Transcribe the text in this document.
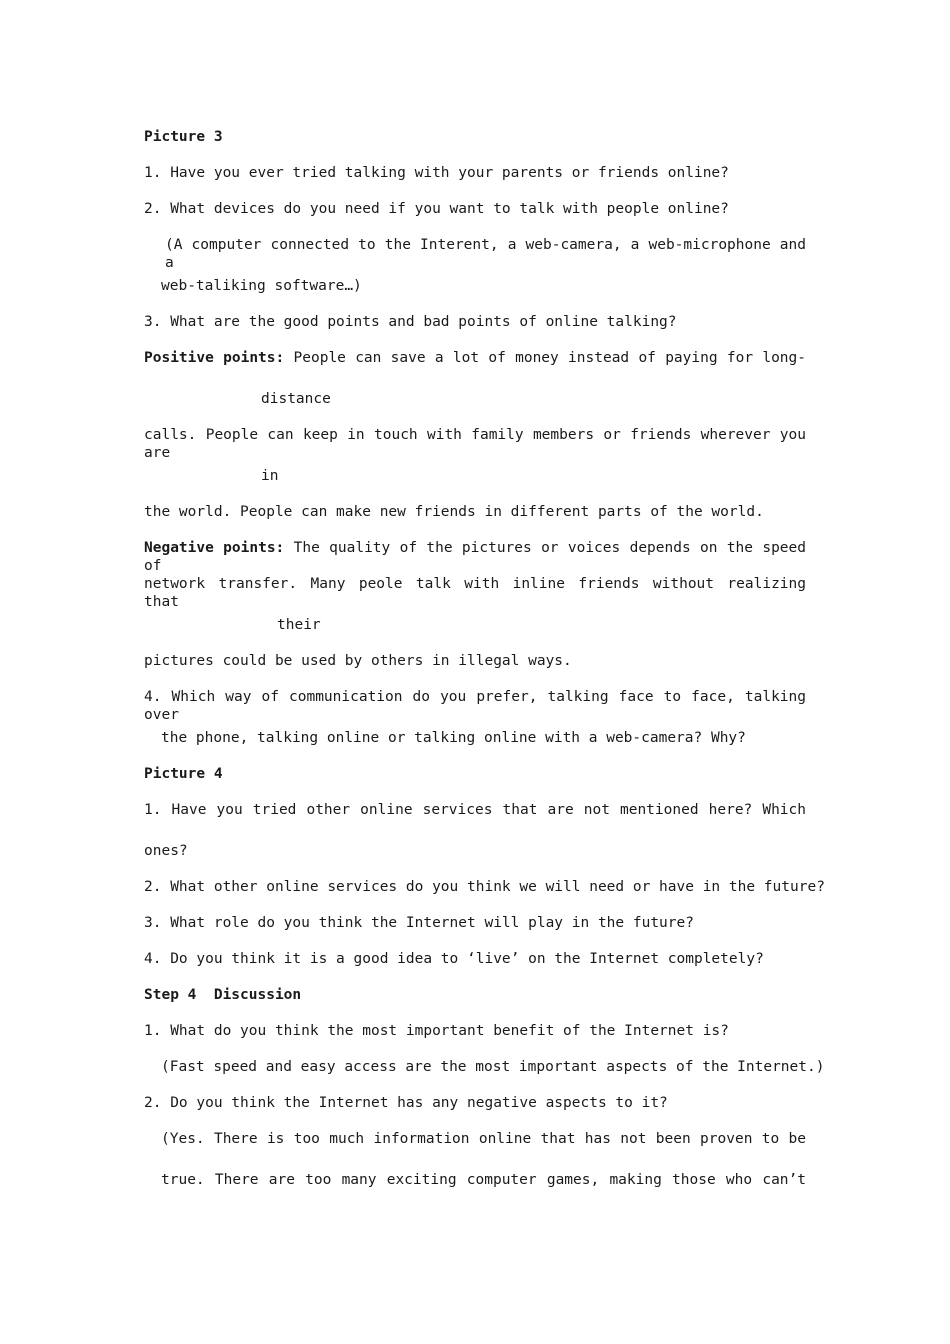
Picture 3
1. Have you ever tried talking with your parents or friends online?
2. What devices do you need if you want to talk with people online?
(A computer connected to the Interent, a web-camera, a web-microphone and a
web-taliking software…)
3. What are the good points and bad points of online talking?
Positive points: People can save a lot of money instead of paying for long-
distance
calls. People can keep in touch with family members or friends wherever you are
in
the world. People can make new friends in different parts of the world.
Negative points: The quality of the pictures or voices depends on the speed of
network transfer. Many peole talk with inline friends without realizing that
their
pictures could be used by others in illegal ways.
4. Which way of communication do you prefer, talking face to face, talking over
the phone, talking online or talking online with a web-camera? Why?
Picture 4
1. Have you tried other online services that are not mentioned here? Which
ones?
2. What other online services do you think we will need or have in the future?
3. What role do you think the Internet will play in the future?
4. Do you think it is a good idea to ‘live’ on the Internet completely?
Step 4  Discussion
1. What do you think the most important benefit of the Internet is?
(Fast speed and easy access are the most important aspects of the Internet.)
2. Do you think the Internet has any negative aspects to it?
(Yes. There is too much information online that has not been proven to be
true. There are too many exciting computer games, making those who can’t
